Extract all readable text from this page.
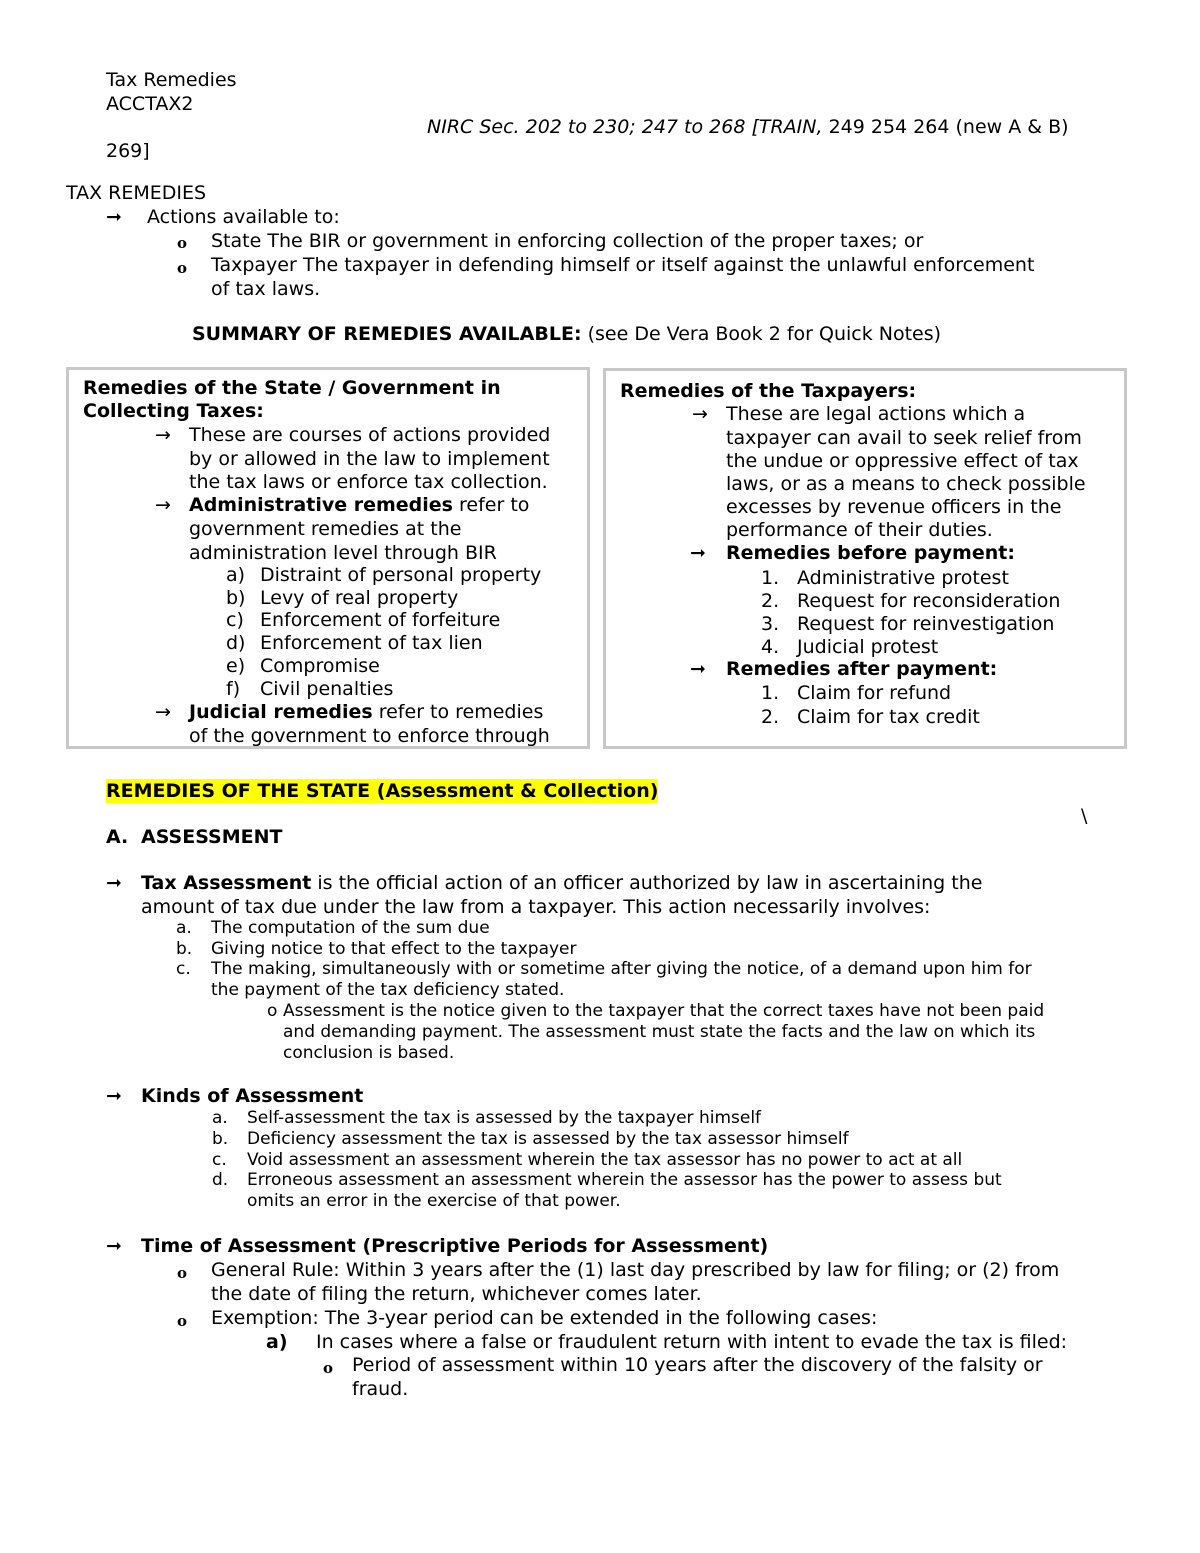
Tax Remedies
ACCTAX2
NIRC Sec. 202 to 230; 247 to 268 [TRAIN, 249 254 264 (new A & B)
269]
TAX REMEDIES
➞ Actions available to:
o State The BIR or government in enforcing collection of the proper taxes; or
o Taxpayer The taxpayer in defending himself or itself against the unlawful enforcement
of tax laws.
SUMMARY OF REMEDIES AVAILABLE: (see De Vera Book 2 for Quick Notes)
Remedies of the State / Government in
Collecting Taxes:
→ These are courses of actions provided
by or allowed in the law to implement
the tax laws or enforce tax collection.
→ Administrative remedies refer to
government remedies at the
administration level through BIR
a) Distraint of personal property
b) Levy of real property
c) Enforcement of forfeiture
d) Enforcement of tax lien
e) Compromise
f) Civil penalties
→ Judicial remedies refer to remedies
of the government to enforce through
Remedies of the Taxpayers:
→ These are legal actions which a
taxpayer can avail to seek relief from
the undue or oppressive effect of tax
laws, or as a means to check possible
excesses by revenue officers in the
performance of their duties.
➞ Remedies before payment:
1. Administrative protest
2. Request for reconsideration
3. Request for reinvestigation
4. Judicial protest
➞ Remedies after payment:
1. Claim for refund
2. Claim for tax credit
REMEDIES OF THE STATE (Assessment & Collection)
\
A. ASSESSMENT
➞ Tax Assessment is the official action of an officer authorized by law in ascertaining the
amount of tax due under the law from a taxpayer. This action necessarily involves:
a. The computation of the sum due
b. Giving notice to that effect to the taxpayer
c. The making, simultaneously with or sometime after giving the notice, of a demand upon him for
the payment of the tax deficiency stated.
o Assessment is the notice given to the taxpayer that the correct taxes have not been paid
and demanding payment. The assessment must state the facts and the law on which its
conclusion is based.
➞ Kinds of Assessment
a. Self-assessment the tax is assessed by the taxpayer himself
b. Deficiency assessment the tax is assessed by the tax assessor himself
c. Void assessment an assessment wherein the tax assessor has no power to act at all
d. Erroneous assessment an assessment wherein the assessor has the power to assess but
omits an error in the exercise of that power.
➞ Time of Assessment (Prescriptive Periods for Assessment)
o General Rule: Within 3 years after the (1) last day prescribed by law for filing; or (2) from
the date of filing the return, whichever comes later.
o Exemption: The 3-year period can be extended in the following cases:
a) In cases where a false or fraudulent return with intent to evade the tax is filed:
o Period of assessment within 10 years after the discovery of the falsity or
fraud.
